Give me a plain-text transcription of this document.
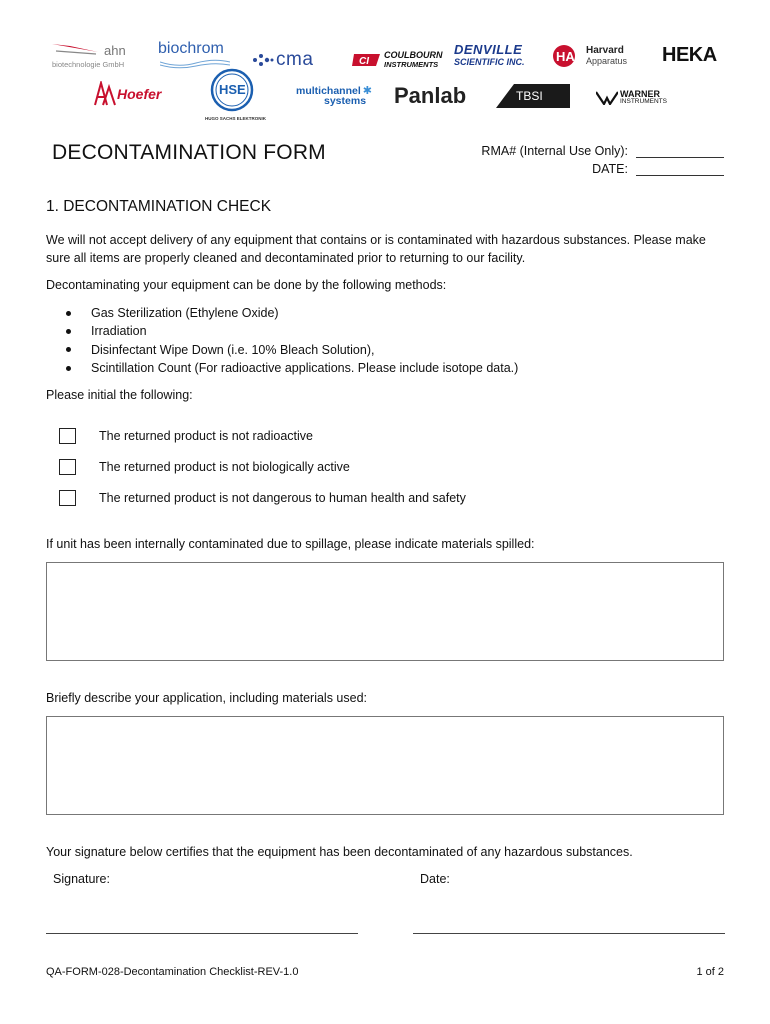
ahn
biotechnologie GmbH
biochrom
cma	CI
COULBOURN
INSTRUMENTS
DENVILLE
SCIENTIFIC INC.	HA Harvard
Apparatus HEKA
Hoefer	HSE
HUGO SACHS ELEKTRONIK
multichannel ✱
systems	Panlab	TBSI	WARNER
INSTRUMENTS
DECONTAMINATION FORM	RMA# (Internal Use Only):
DATE:
1. DECONTAMINATION CHECK
We will not accept delivery of any equipment that contains or is contaminated with hazardous substances. Please make sure all items are properly cleaned and decontaminated prior to returning to our facility.
Decontaminating your equipment can be done by the following methods:
Gas Sterilization (Ethylene Oxide)
Irradiation
Disinfectant Wipe Down (i.e. 10% Bleach Solution),
Scintillation Count (For radioactive applications. Please include isotope data.)
Please initial the following:
The returned product is not radioactive
The returned product is not biologically active
The returned product is not dangerous to human health and safety
If unit has been internally contaminated due to spillage, please indicate materials spilled:
Briefly describe your application, including materials used:
Your signature below certifies that the equipment has been decontaminated of any hazardous substances.
Signature:	Date:
QA-FORM-028-Decontamination Checklist-REV-1.0	1 of 2
